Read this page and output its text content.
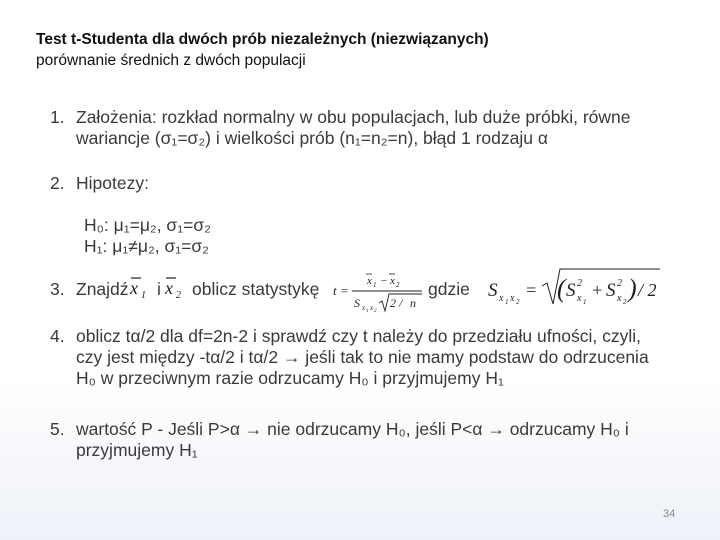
Test t-Studenta dla dwóch prób niezależnych (niezwiązanych)
porównanie średnich z dwóch populacji
1. Założenia: rozkład normalny w obu populacjach, lub duże próbki, równe
wariancje (σ₁=σ₂) i wielkości prób (n₁=n₂=n), błąd 1 rodzaju α
2. Hipotezy:
H₀: μ₁=μ₂, σ₁=σ₂
H₁: μ₁≠μ₂, σ₁=σ₂
3. Znajdź i oblicz statystykę	gdzie
x 1 x 2	t =
x 1 − x 2
S x 1 x 2
2 / n
S x 1 x 2
= ( S 2
x 1
+ S 2
x 2 ) / 2
4. oblicz tα/2 dla df=2n-2 i sprawdź czy t należy do przedziału ufności, czyli,
czy jest między -tα/2 i tα/2 → jeśli tak to nie mamy podstaw do odrzucenia
H₀ w przeciwnym razie odrzucamy H₀ i przyjmujemy H₁
5. wartość P - Jeśli P>α → nie odrzucamy H₀, jeśli P<α → odrzucamy H₀ i
przyjmujemy H₁
34
